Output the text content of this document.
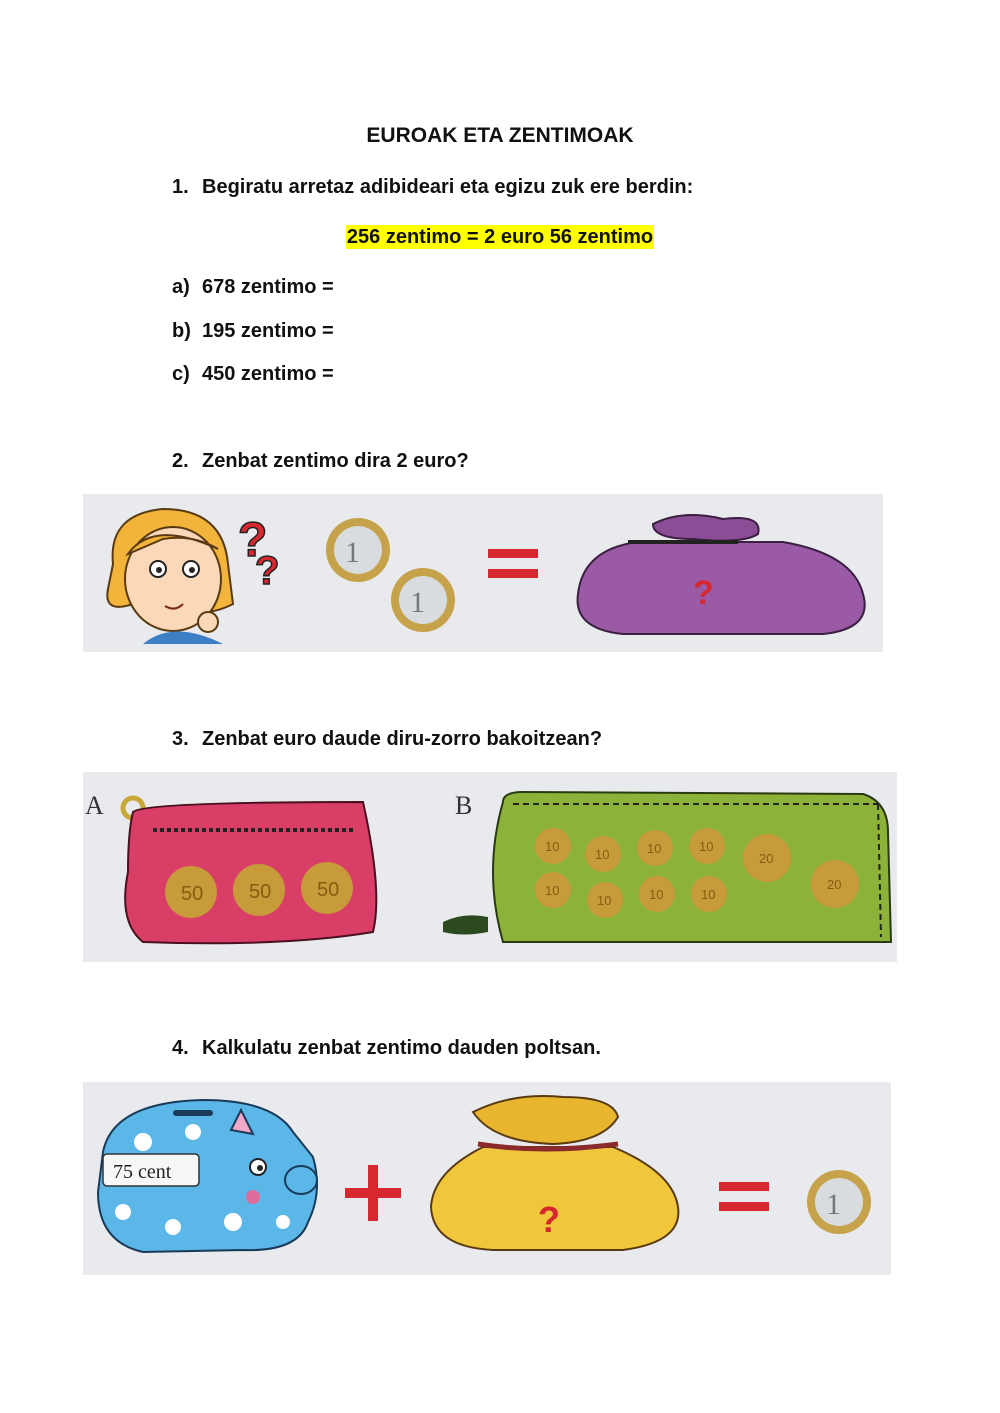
EUROAK ETA ZENTIMOAK
1. Begiratu arretaz adibideari eta egizu zuk ere berdin:
256 zentimo = 2 euro 56 zentimo
a) 678 zentimo =
b) 195 zentimo =
c) 450 zentimo =
2. Zenbat zentimo dira 2 euro?
?
? 1
1	?
3. Zenbat euro daude diru-zorro bakoitzean?
A
50 50 50
B
10
10	10	10
20
10
10	10	10
20
4. Kalkulatu zenbat zentimo dauden poltsan.
75 cent
?	1
